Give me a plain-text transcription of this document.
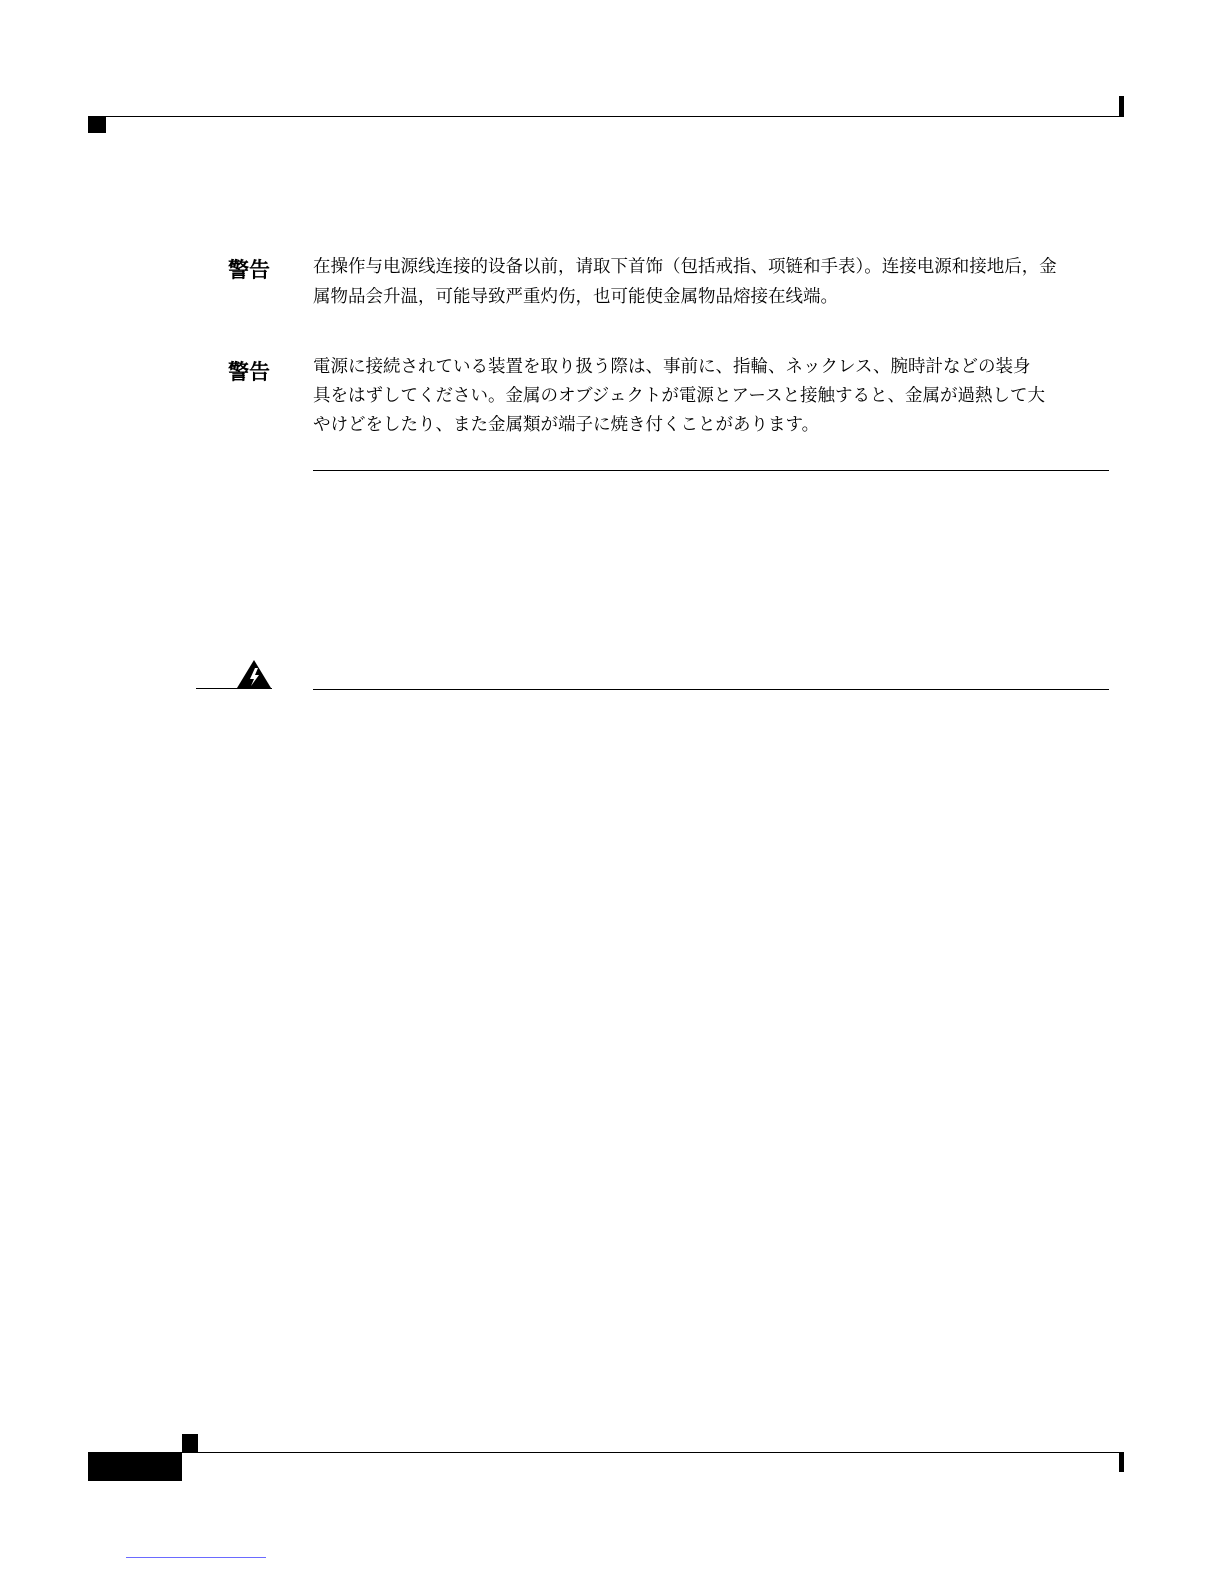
警告 在操作与电源线连接的设备以前，请取下首饰（包括戒指、项链和手表）。连接电源和接地后，金
属物品会升温，可能导致严重灼伤，也可能使金属物品熔接在线端。
警告 電源に接続されている装置を取り扱う際は、事前に、指輪、ネックレス、腕時計などの装身
具をはずしてください。金属のオブジェクトが電源とアースと接触すると、金属が過熱して大
やけどをしたり、また金属類が端子に焼き付くことがあります。
